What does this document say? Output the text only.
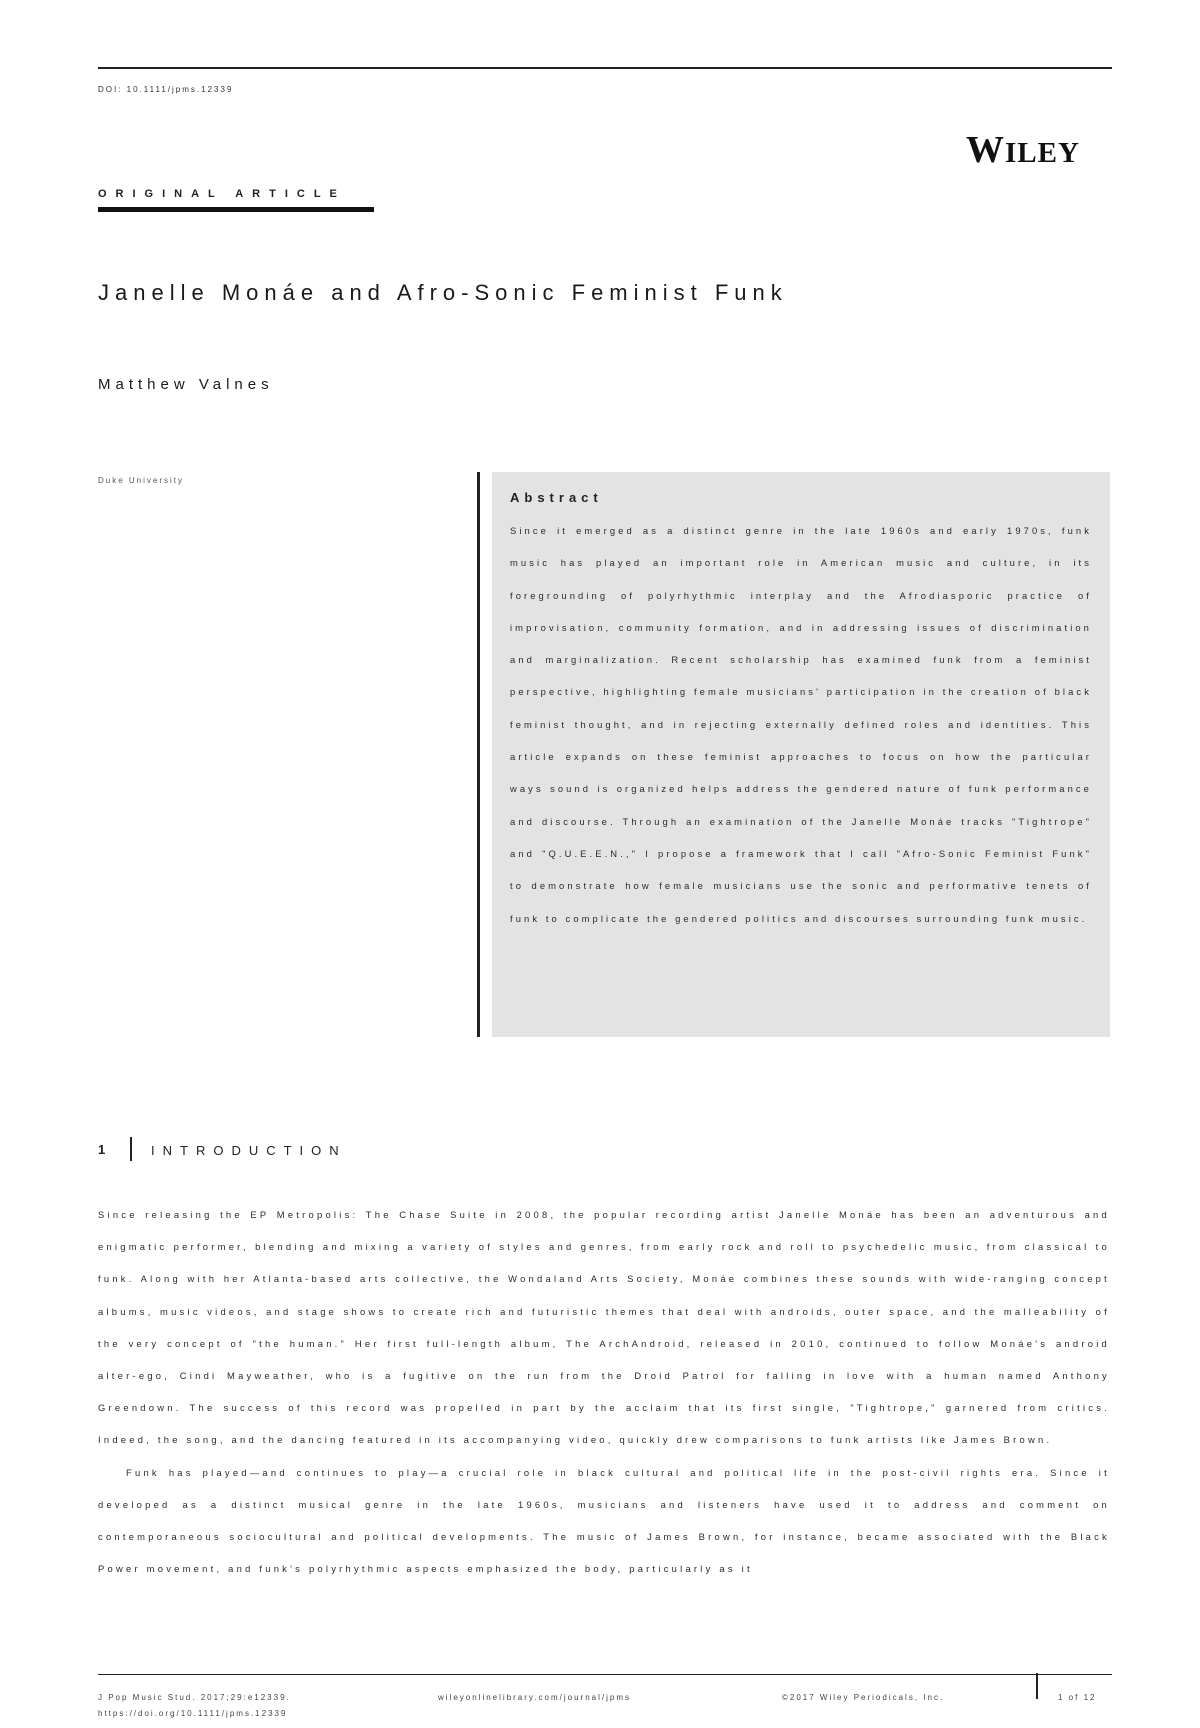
DOI: 10.1111/jpms.12339
WILEY
ORIGINAL ARTICLE
Janelle Monáe and Afro-Sonic Feminist Funk
Matthew Valnes
Duke University
Abstract

Since it emerged as a distinct genre in the late 1960s and early 1970s, funk music has played an important role in American music and culture, in its foregrounding of polyrhythmic interplay and the Afrodiasporic practice of improvisation, community formation, and in addressing issues of discrimination and marginalization. Recent scholarship has examined funk from a feminist perspective, highlighting female musicians' participation in the creation of black feminist thought, and in rejecting externally defined roles and identities. This article expands on these feminist approaches to focus on how the particular ways sound is organized helps address the gendered nature of funk performance and discourse. Through an examination of the Janelle Monáe tracks "Tightrope" and "Q.U.E.E.N.," I propose a framework that I call "Afro-Sonic Feminist Funk" to demonstrate how female musicians use the sonic and performative tenets of funk to complicate the gendered politics and discourses surrounding funk music.

1	INTRODUCTION

Since releasing the EP Metropolis: The Chase Suite in 2008, the popular recording artist Janelle Monáe has been an adventurous and enigmatic performer, blending and mixing a variety of styles and genres, from early rock and roll to psychedelic music, from classical to funk. Along with her Atlanta-based arts collective, the Wondaland Arts Society, Monáe combines these sounds with wide-ranging concept albums, music videos, and stage shows to create rich and futuristic themes that deal with androids, outer space, and the malleability of the very concept of "the human." Her first full-length album, The ArchAndroid, released in 2010, continued to follow Monáe's android alter-ego, Cindi Mayweather, who is a fugitive on the run from the Droid Patrol for falling in love with a human named Anthony Greendown. The success of this record was propelled in part by the acclaim that its first single, "Tightrope," garnered from critics. Indeed, the song, and the dancing featured in its accompanying video, quickly drew comparisons to funk artists like James Brown.

Funk has played—and continues to play—a crucial role in black cultural and political life in the post-civil rights era. Since it developed as a distinct musical genre in the late 1960s, musicians and listeners have used it to address and comment on contemporaneous sociocultural and political developments. The music of James Brown, for instance, became associated with the Black Power movement, and funk's polyrhythmic aspects emphasized the body, particularly as it

J Pop Music Stud. 2017;29:e12339.
https://doi.org/10.1111/jpms.12339
wileyonlinelibrary.com/journal/jpms	©2017 Wiley Periodicals, Inc.	1 of 12
